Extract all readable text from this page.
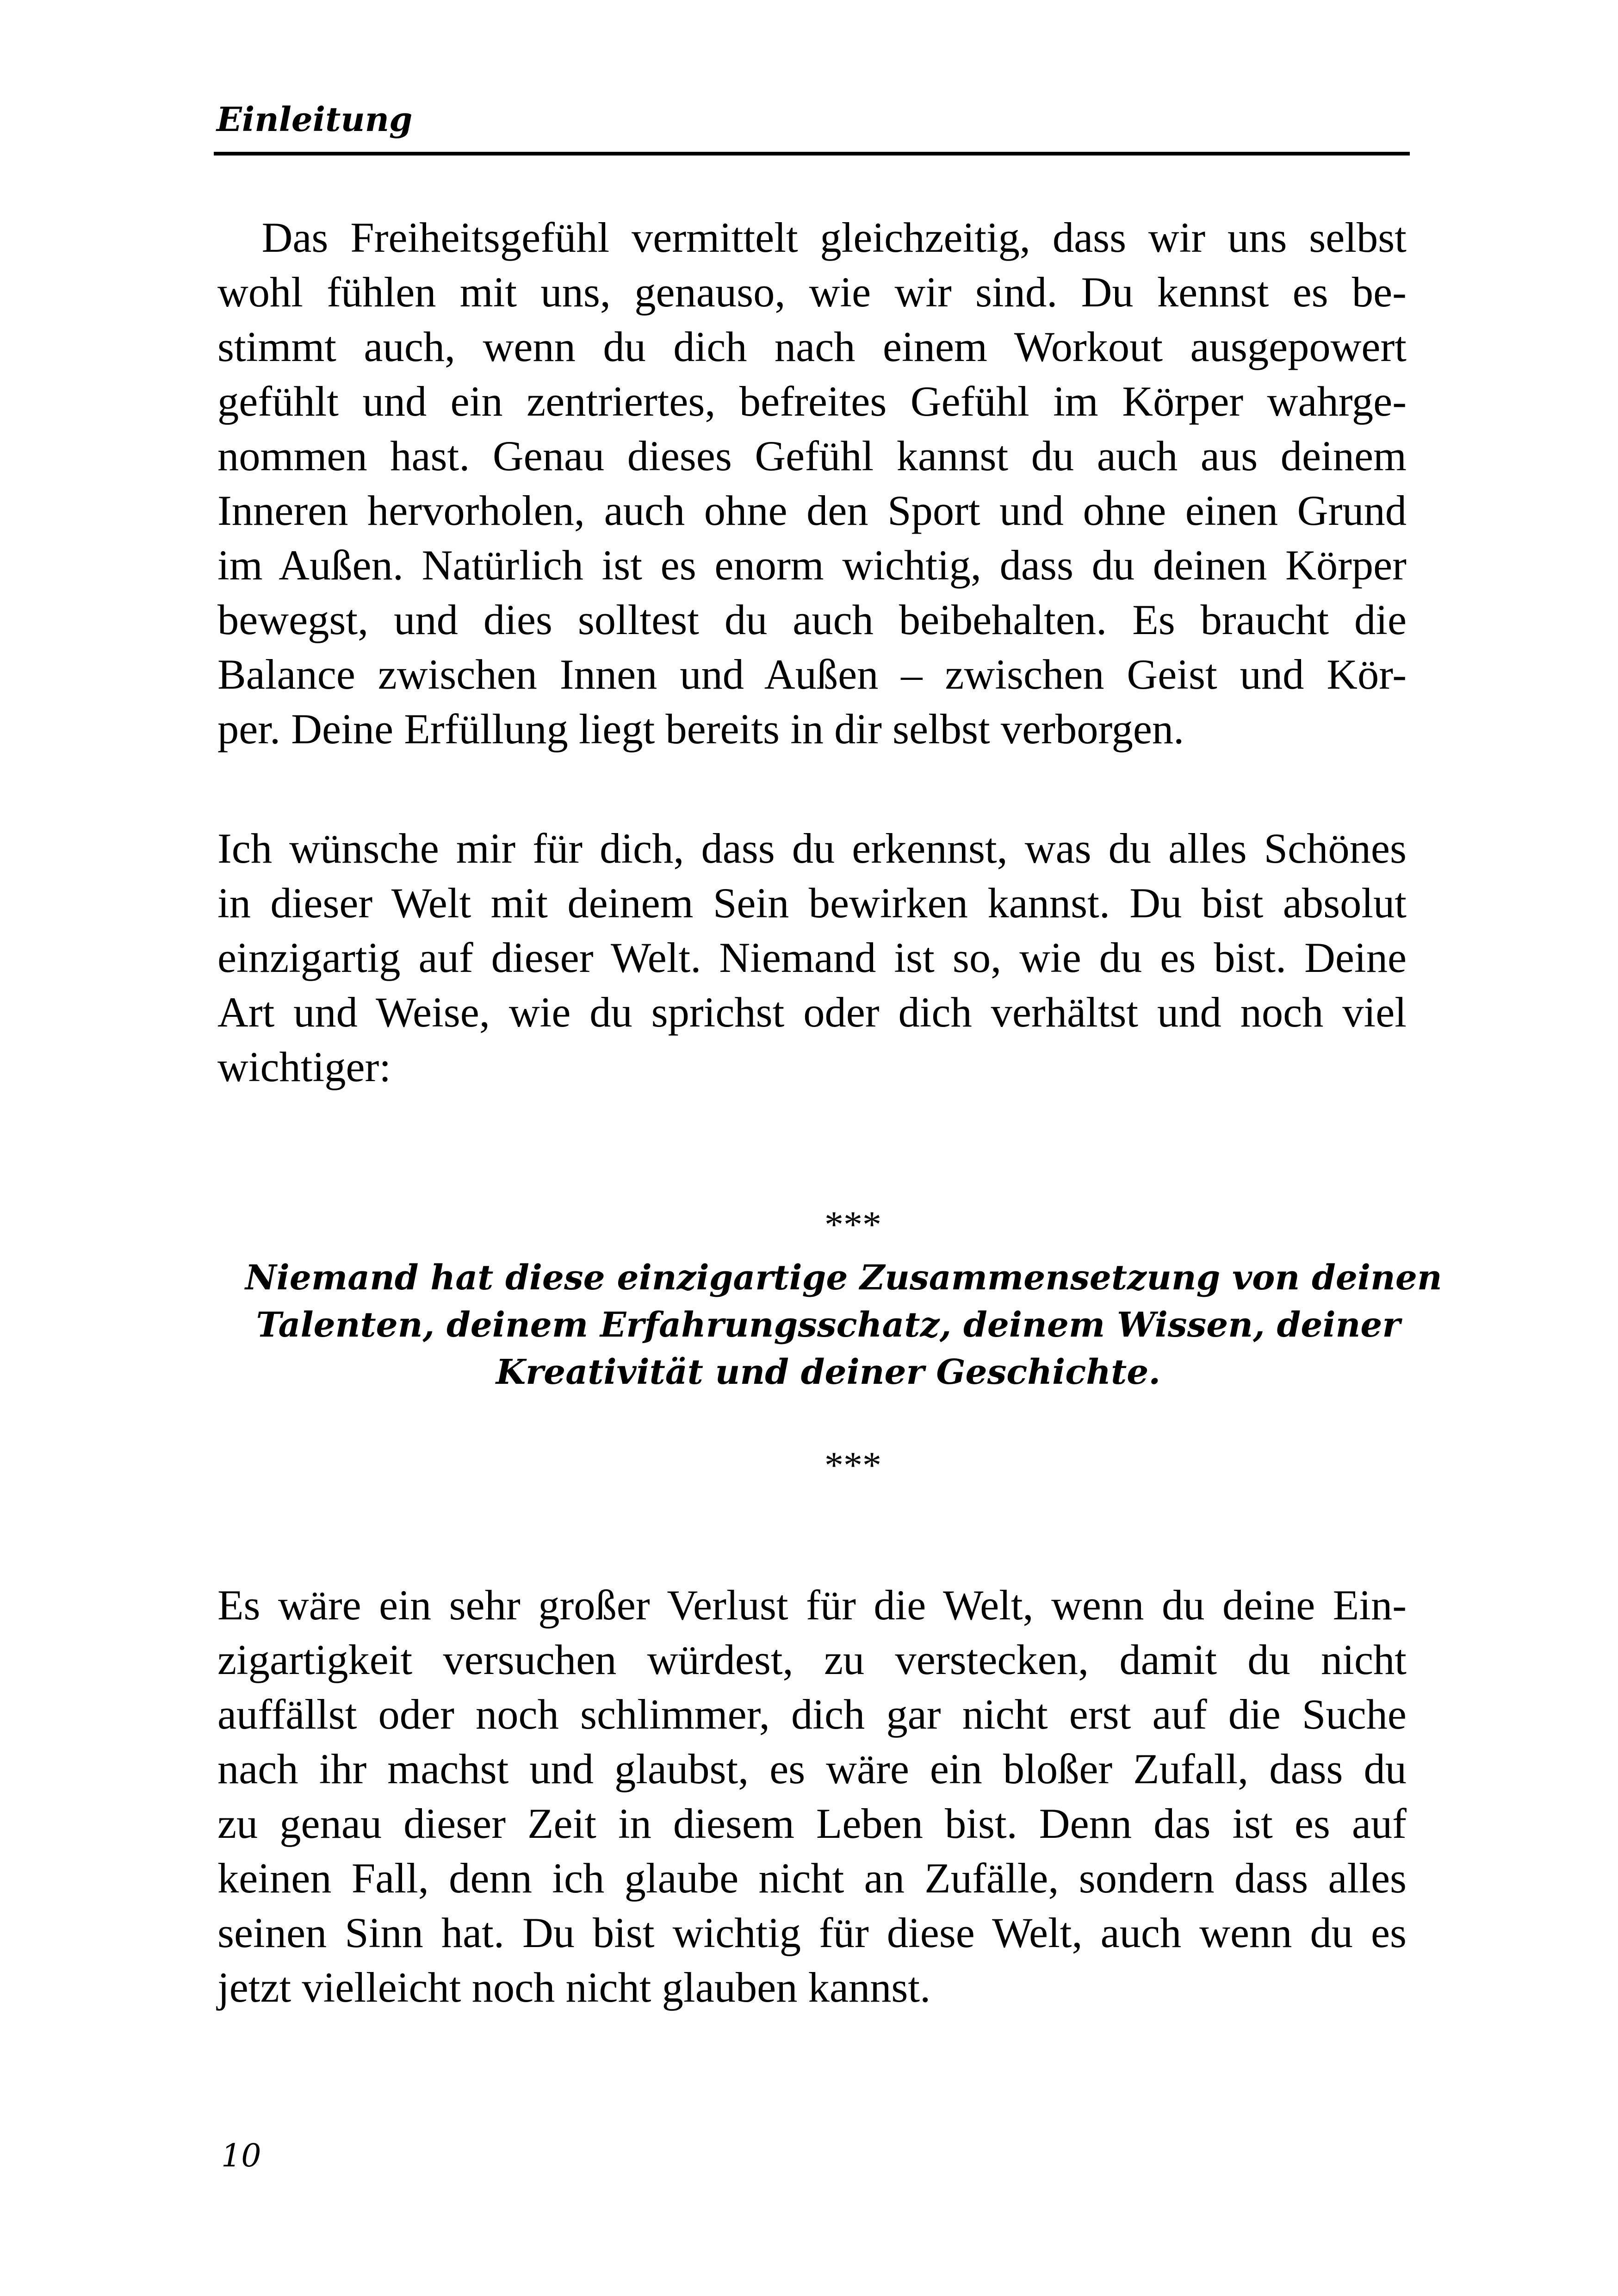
Einleitung
Das Freiheitsgefühl vermittelt gleichzeitig, dass wir uns selbst
wohl fühlen mit uns, genauso, wie wir sind. Du kennst es be-
stimmt auch, wenn du dich nach einem Workout ausgepowert
gefühlt und ein zentriertes, befreites Gefühl im Körper wahrge-
nommen hast. Genau dieses Gefühl kannst du auch aus deinem
Inneren hervorholen, auch ohne den Sport und ohne einen Grund
im Außen. Natürlich ist es enorm wichtig, dass du deinen Körper
bewegst, und dies solltest du auch beibehalten. Es braucht die
Balance zwischen Innen und Außen – zwischen Geist und Kör-
per. Deine Erfüllung liegt bereits in dir selbst verborgen.
Ich wünsche mir für dich, dass du erkennst, was du alles Schönes
in dieser Welt mit deinem Sein bewirken kannst. Du bist absolut
einzigartig auf dieser Welt. Niemand ist so, wie du es bist. Deine
Art und Weise, wie du sprichst oder dich verhältst und noch viel
wichtiger:
***
Niemand hat diese einzigartige Zusammensetzung von deinen
Talenten, deinem Erfahrungsschatz, deinem Wissen, deiner
Kreativität und deiner Geschichte.
***
Es wäre ein sehr großer Verlust für die Welt, wenn du deine Ein-
zigartigkeit versuchen würdest, zu verstecken, damit du nicht
auffällst oder noch schlimmer, dich gar nicht erst auf die Suche
nach ihr machst und glaubst, es wäre ein bloßer Zufall, dass du
zu genau dieser Zeit in diesem Leben bist. Denn das ist es auf
keinen Fall, denn ich glaube nicht an Zufälle, sondern dass alles
seinen Sinn hat. Du bist wichtig für diese Welt, auch wenn du es
jetzt vielleicht noch nicht glauben kannst.
10
